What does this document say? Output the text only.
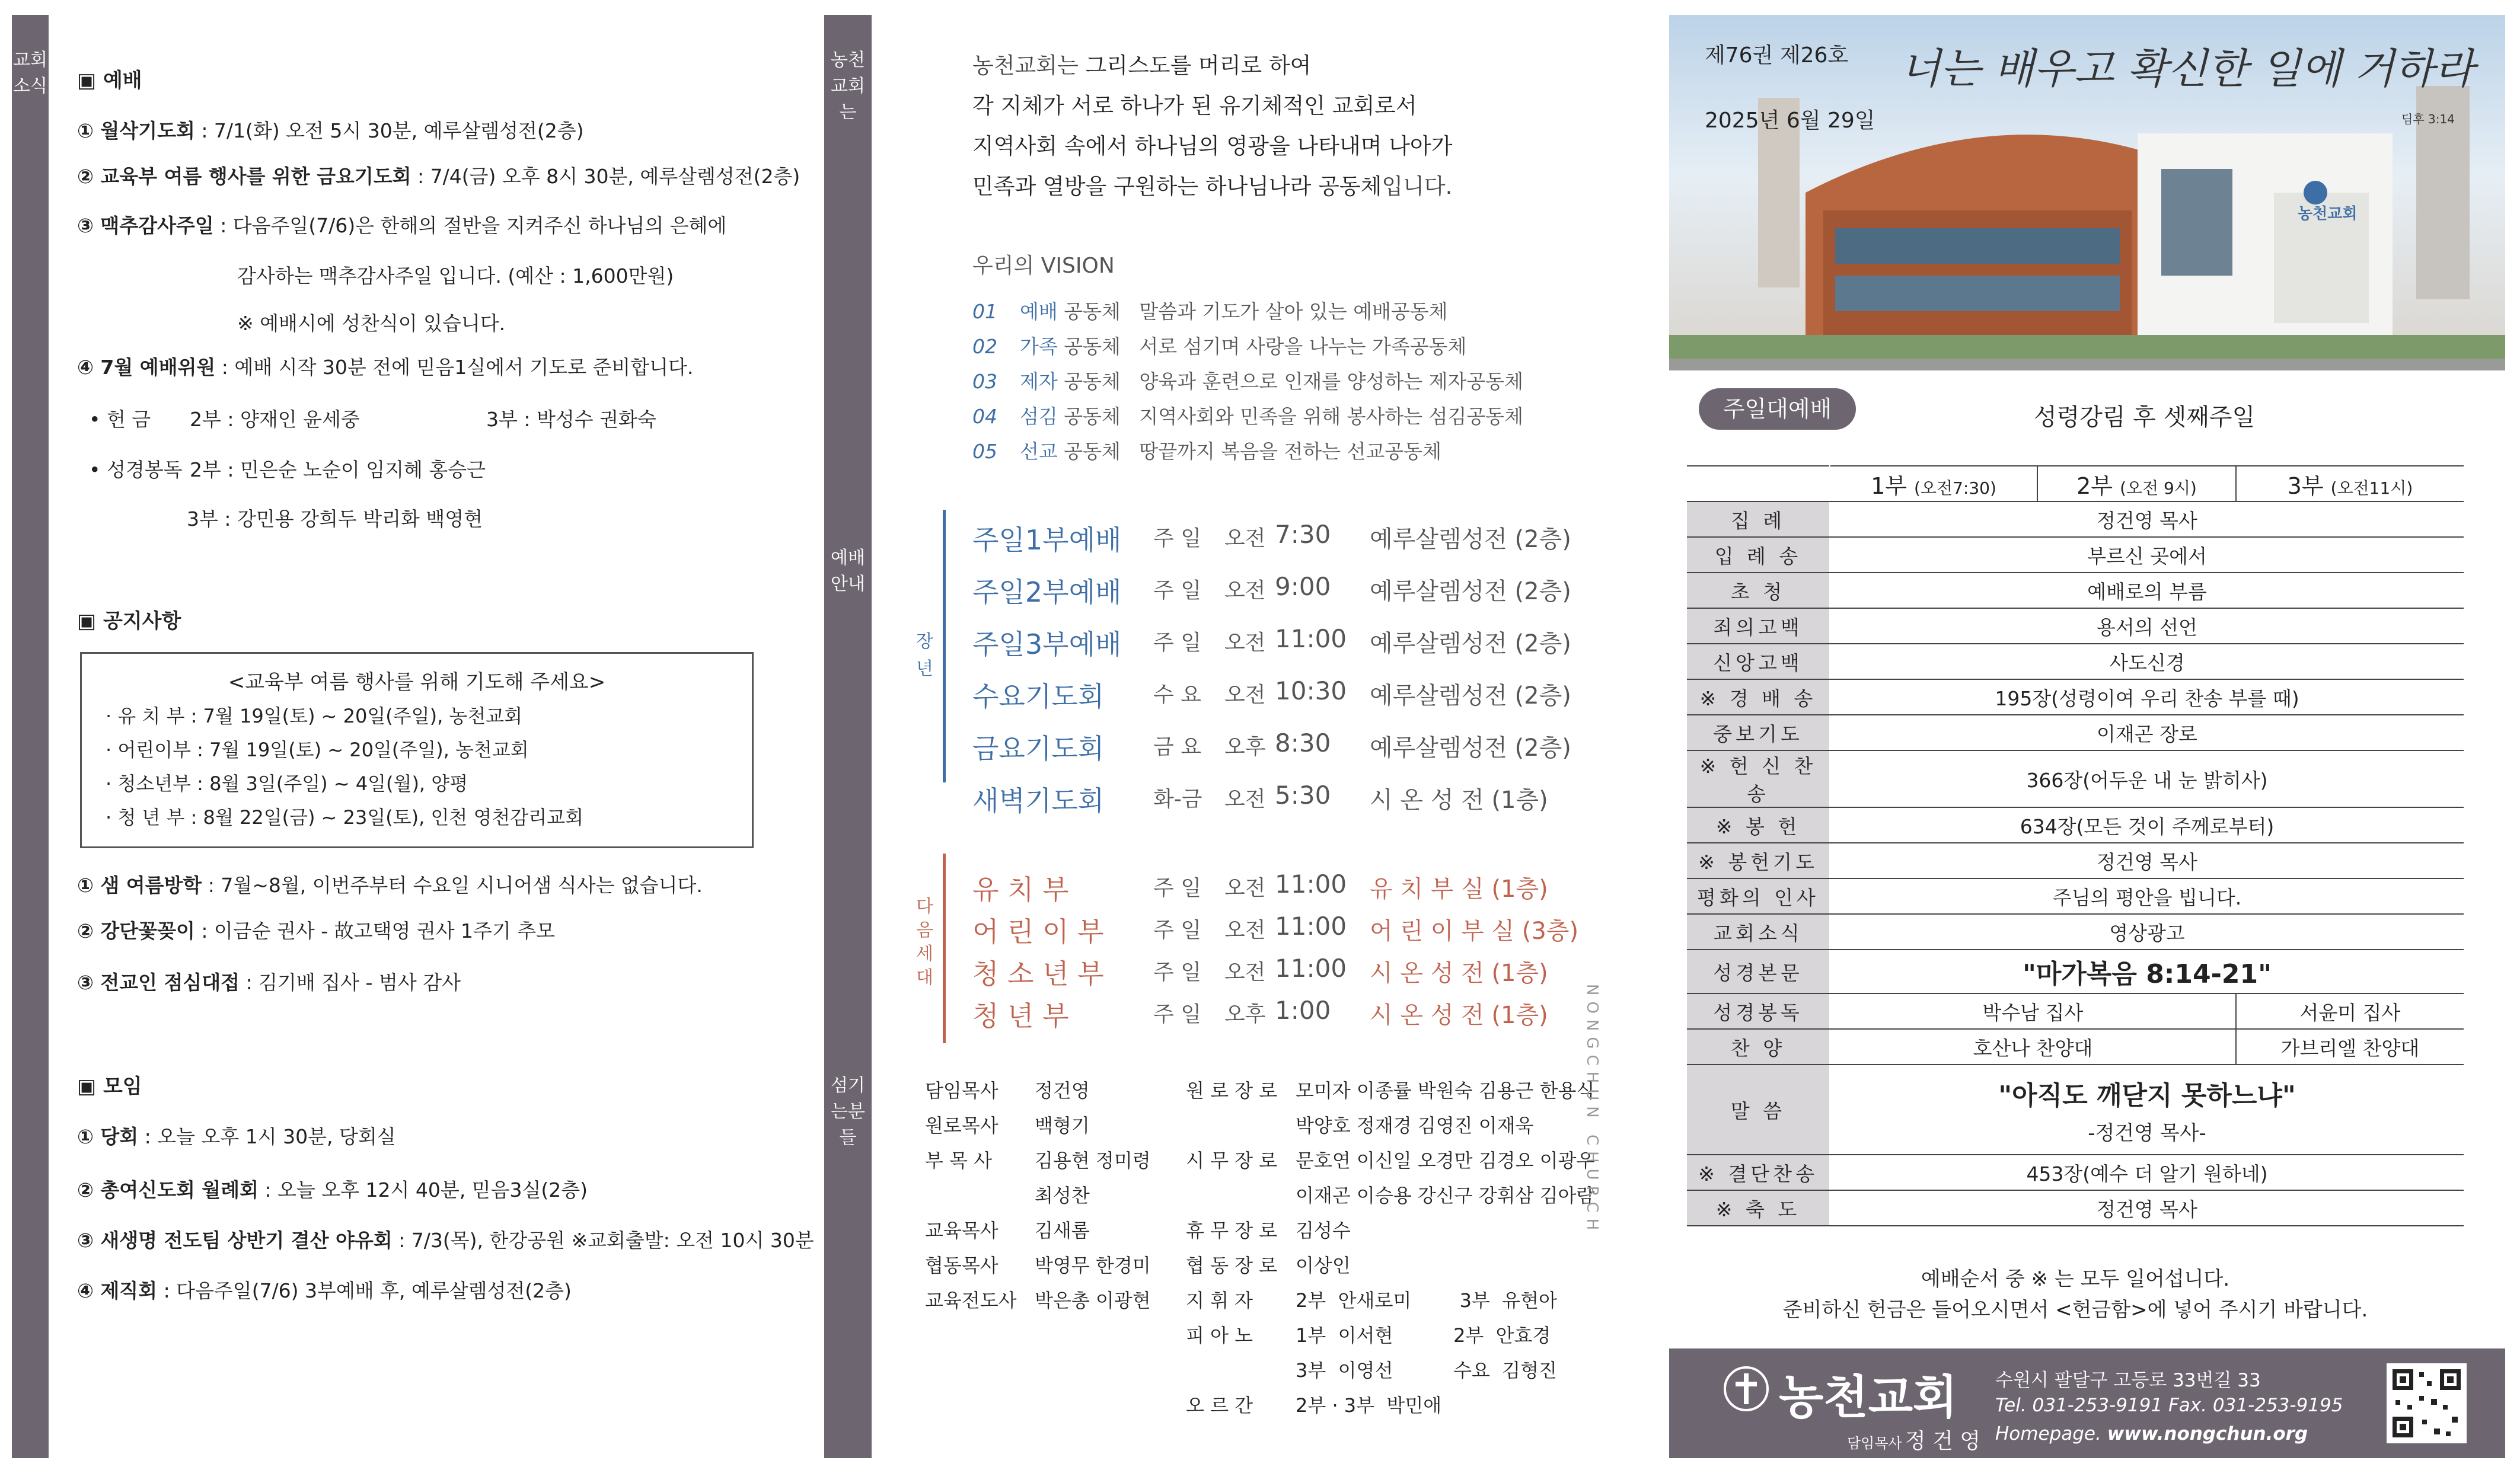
교회소식 ▣ 예배
① 월삭기도회 : 7/1(화) 오전 5시 30분, 예루살렘성전(2층)
② 교육부 여름 행사를 위한 금요기도회 : 7/4(금) 오후 8시 30분, 예루살렘성전(2층)
③ 맥추감사주일 : 다음주일(7/6)은 한해의 절반을 지켜주신 하나님의 은혜에
감사하는 맥추감사주일 입니다. (예산 : 1,600만원)
※ 예배시에 성찬식이 있습니다.
④ 7월 예배위원 : 예배 시작 30분 전에 믿음1실에서 기도로 준비합니다.
• 헌 금 2부 : 양재인 윤세중	3부 : 박성수 권화숙
• 성경봉독 2부 : 민은순 노순이 임지혜 홍승근
3부 : 강민용 강희두 박리화 백영현
▣ 공지사항
<교육부 여름 행사를 위해 기도해 주세요>
· 유 치 부 : 7월 19일(토) ~ 20일(주일), 농천교회
· 어린이부 : 7월 19일(토) ~ 20일(주일), 농천교회
· 청소년부 : 8월 3일(주일) ~ 4일(월), 양평
· 청 년 부 : 8월 22일(금) ~ 23일(토), 인천 영천감리교회
① 샘 여름방학 : 7월~8월, 이번주부터 수요일 시니어샘 식사는 없습니다.
② 강단꽃꽂이 : 이금순 권사 - 故고택영 권사 1주기 추모
③ 전교인 점심대접 : 김기배 집사 - 범사 감사
▣ 모임
① 당회 : 오늘 오후 1시 30분, 당회실
② 총여신도회 월례회 : 오늘 오후 12시 40분, 믿음3실(2층)
③ 새생명 전도팀 상반기 결산 야유회 : 7/3(목), 한강공원 ※교회출발: 오전 10시 30분
④ 제직회 : 다음주일(7/6) 3부예배 후, 예루살렘성전(2층)
농천교회는
예배안내
섬기는분들
농천교회는 그리스도를 머리로 하여
각 지체가 서로 하나가 된 유기체적인 교회로서
지역사회 속에서 하나님의 영광을 나타내며 나아가
민족과 열방을 구원하는 하나님나라 공동체입니다.
우리의 VISION
01 예배 공동체 말씀과 기도가 살아 있는 예배공동체
02 가족 공동체 서로 섬기며 사랑을 나누는 가족공동체
03 제자 공동체 양육과 훈련으로 인재를 양성하는 제자공동체
04 섬김 공동체 지역사회와 민족을 위해 봉사하는 섬김공동체
05 선교 공동체 땅끝까지 복음을 전하는 선교공동체
장년
다음세대
주일1부예배 주 일 오전 7:30 예루살렘성전 (2층)
주일2부예배 주 일 오전 9:00 예루살렘성전 (2층)
주일3부예배 주 일 오전 11:00 예루살렘성전 (2층)
수요기도회 수 요 오전 10:30 예루살렘성전 (2층)
금요기도회 금 요 오후 8:30 예루살렘성전 (2층)
새벽기도회 화-금 오전 5:30 시 온 성 전 (1층)
유 치 부	주 일 오전 11:00 유 치 부 실 (1층)
어 린 이 부 주 일 오전 11:00 어 린 이 부 실 (3층)
청 소 년 부 주 일 오전 11:00 시 온 성 전 (1층)
청 년 부	주 일 오후 1:00 시 온 성 전 (1층)
담임목사 정건영
원로목사 백형기
부 목 사 김용현 정미령
최성찬
교육목사 김새롬
협동목사 박영무 한경미
교육전도사 박은총 이광현
원 로 장 로 모미자 이종률 박원숙 김용근 한용식
박양호 정재경 김영진 이재욱
시 무 장 로 문호연 이신일 오경만 김경오 이광우
이재곤 이승용 강신구 강휘삼 김아람
휴 무 장 로 김성수
협 동 장 로 이상인
지 휘 자 2부  안새로미        3부  유현아
피 아 노 1부  이서현          2부  안효경
3부  이영선          수요  김형진
오 르 간 2부 · 3부  박민애
NONGCHUN CHURCH
제76권 제26호 너는 배우고 확신한 일에 거하라
2025년 6월 29일	딤후 3:14
농천교회
주일대예배	성령강림 후 셋째주일
	1부 (오전7:30)	2부 (오전 9시)	3부 (오전11시)
집 례	정건영 목사		
입 례 송	부르신 곳에서		
초 청	예배로의 부름		
죄의고백	용서의 선언		
신앙고백	사도신경		
※ 경 배 송	195장(성령이여 우리 찬송 부를 때)		
중보기도	이재곤 장로		
※ 헌 신 찬 송	366장(어두운 내 눈 밝히사)		
※ 봉 헌	634장(모든 것이 주께로부터)		
※ 봉헌기도	정건영 목사		
평화의 인사	주님의 평안을 빕니다.		
교회소식	영상광고		
성경본문	"마가복음 8:14-21"		
성경봉독	박수남 집사		서윤미 집사
찬 양	호산나 찬양대		가브리엘 찬양대
말 씀	"아직도 깨닫지 못하느냐"
-정건영 목사-		

※ 결단찬송	453장(예수 더 알기 원하네)		
※ 축 도	정건영 목사		
예배순서 중 ※ 는 모두 일어섭니다.
준비하신 헌금은 들어오시면서 <헌금함>에 넣어 주시기 바랍니다.
농천교회
담임목사 정 건 영
수원시 팔달구 고등로 33번길 33
Tel. 031-253-9191 Fax. 031-253-9195
Homepage. www.nongchun.org
